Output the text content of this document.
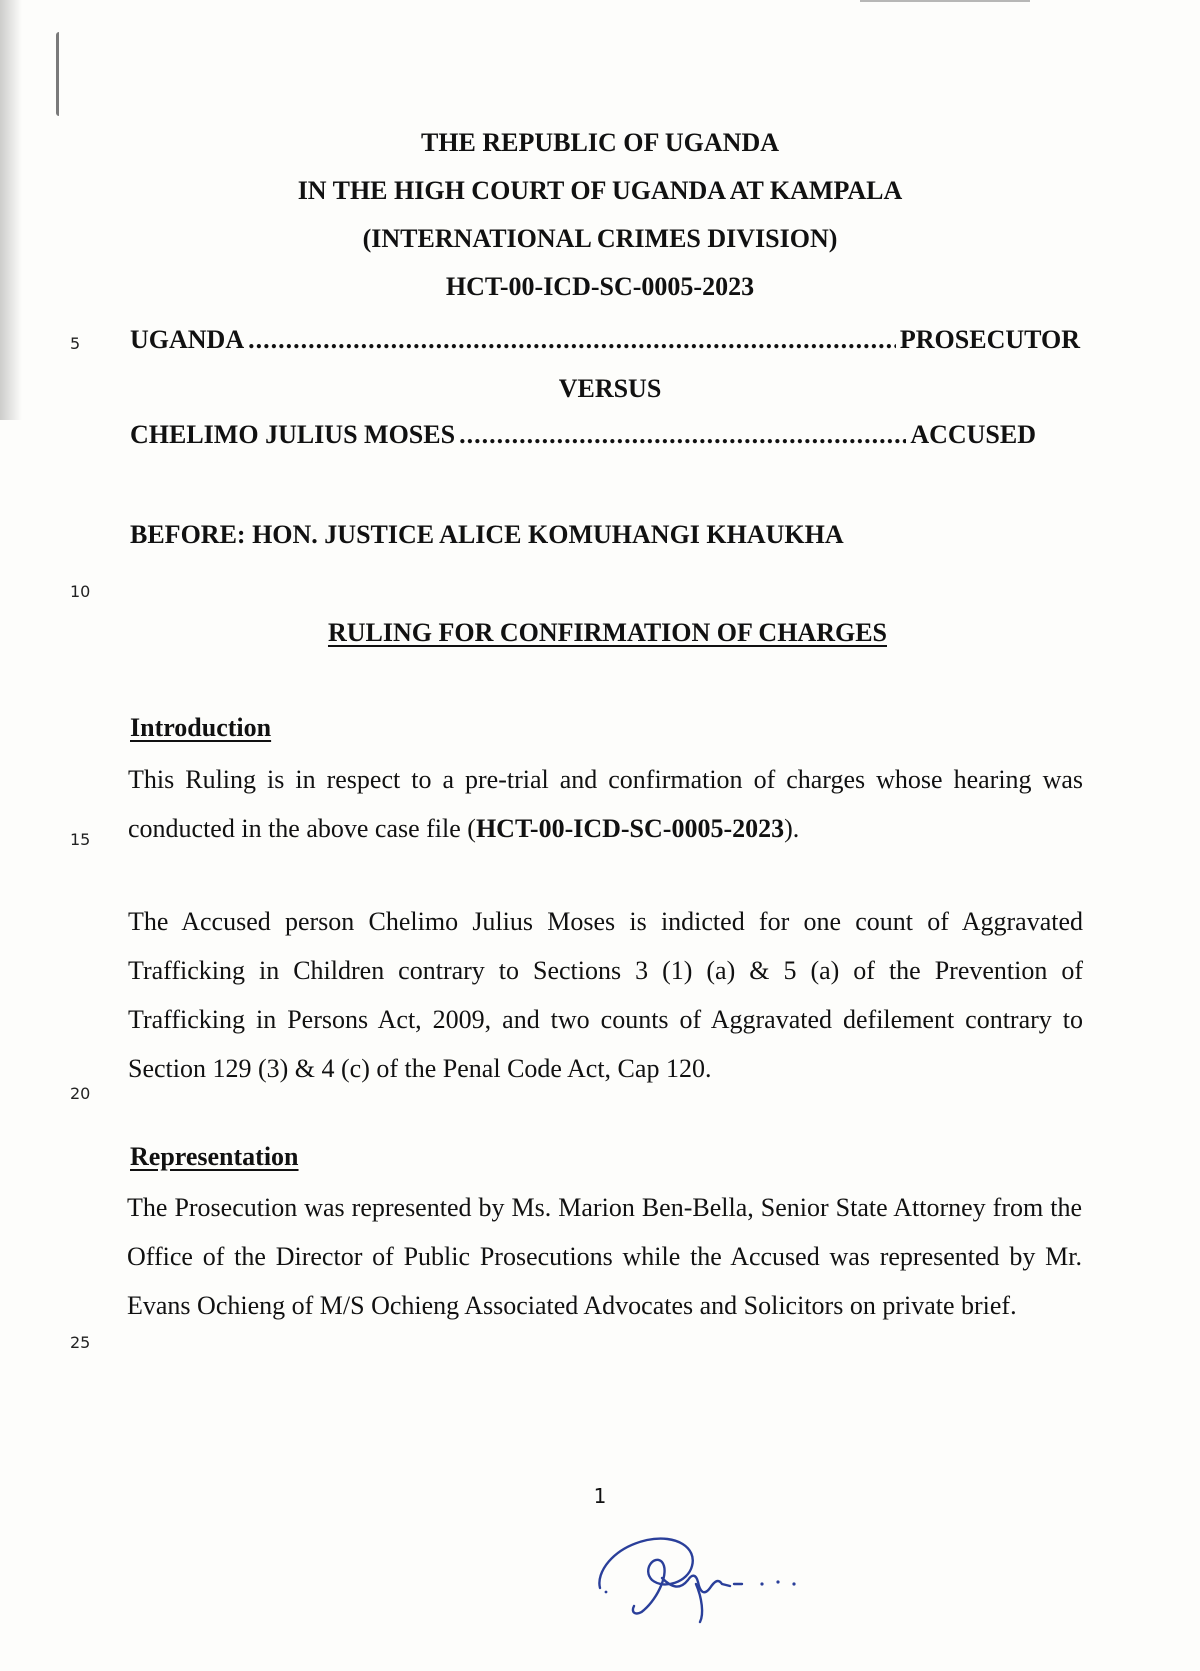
THE REPUBLIC OF UGANDA
IN THE HIGH COURT OF UGANDA AT KAMPALA
(INTERNATIONAL CRIMES DIVISION)
HCT-00-ICD-SC-0005-2023
5
10
15
20
25
UGANDA .....	PROSECUTOR
VERSUS
CHELIMO JULIUS MOSES .....	ACCUSED
BEFORE: HON. JUSTICE ALICE KOMUHANGI KHAUKHA
RULING FOR CONFIRMATION OF CHARGES
Introduction
This Ruling is in respect to a pre-trial and confirmation of charges whose hearing was conducted in the above case file (HCT-00-ICD-SC-0005-2023).
The Accused person Chelimo Julius Moses is indicted for one count of Aggravated Trafficking in Children contrary to Sections 3 (1) (a) & 5 (a) of the Prevention of Trafficking in Persons Act, 2009, and two counts of Aggravated defilement contrary to Section 129 (3) & 4 (c) of the Penal Code Act, Cap 120.
Representation
The Prosecution was represented by Ms. Marion Ben-Bella, Senior State Attorney from the Office of the Director of Public Prosecutions while the Accused was represented by Mr. Evans Ochieng of M/S Ochieng Associated Advocates and Solicitors on private brief.
1
